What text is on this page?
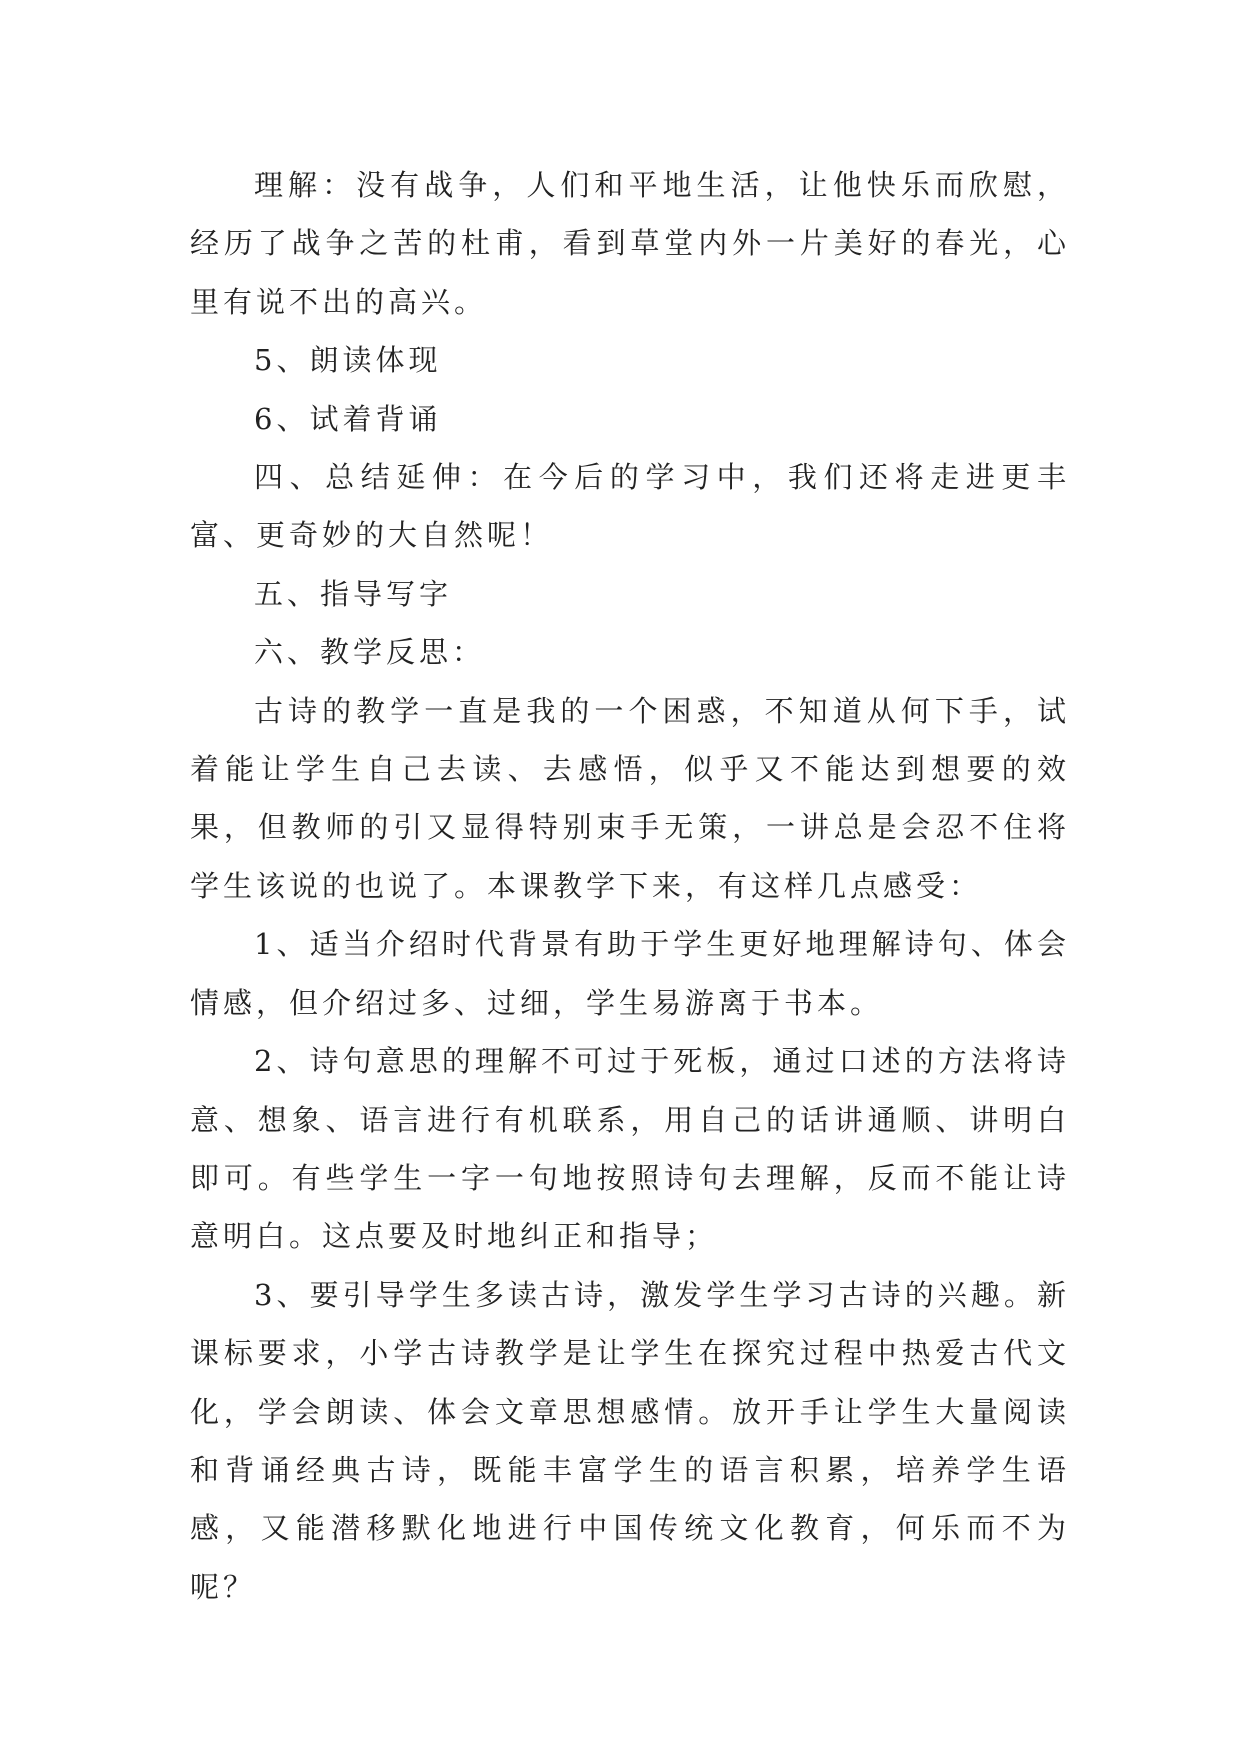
理解：没有战争，人们和平地生活，让他快乐而欣慰，经历了战争之苦的杜甫，看到草堂内外一片美好的春光，心里有说不出的高兴。

5、朗读体现

6、试着背诵

四、总结延伸：在今后的学习中，我们还将走进更丰富、更奇妙的大自然呢！

五、指导写字

六、教学反思：

古诗的教学一直是我的一个困惑，不知道从何下手，试着能让学生自己去读、去感悟，似乎又不能达到想要的效果，但教师的引又显得特别束手无策，一讲总是会忍不住将学生该说的也说了。本课教学下来，有这样几点感受：

1、适当介绍时代背景有助于学生更好地理解诗句、体会情感，但介绍过多、过细，学生易游离于书本。

2、诗句意思的理解不可过于死板，通过口述的方法将诗意、想象、语言进行有机联系，用自己的话讲通顺、讲明白即可。有些学生一字一句地按照诗句去理解，反而不能让诗意明白。这点要及时地纠正和指导；

3、要引导学生多读古诗，激发学生学习古诗的兴趣。新课标要求，小学古诗教学是让学生在探究过程中热爱古代文化，学会朗读、体会文章思想感情。放开手让学生大量阅读和背诵经典古诗，既能丰富学生的语言积累，培养学生语感，又能潜移默化地进行中国传统文化教育，何乐而不为呢？
